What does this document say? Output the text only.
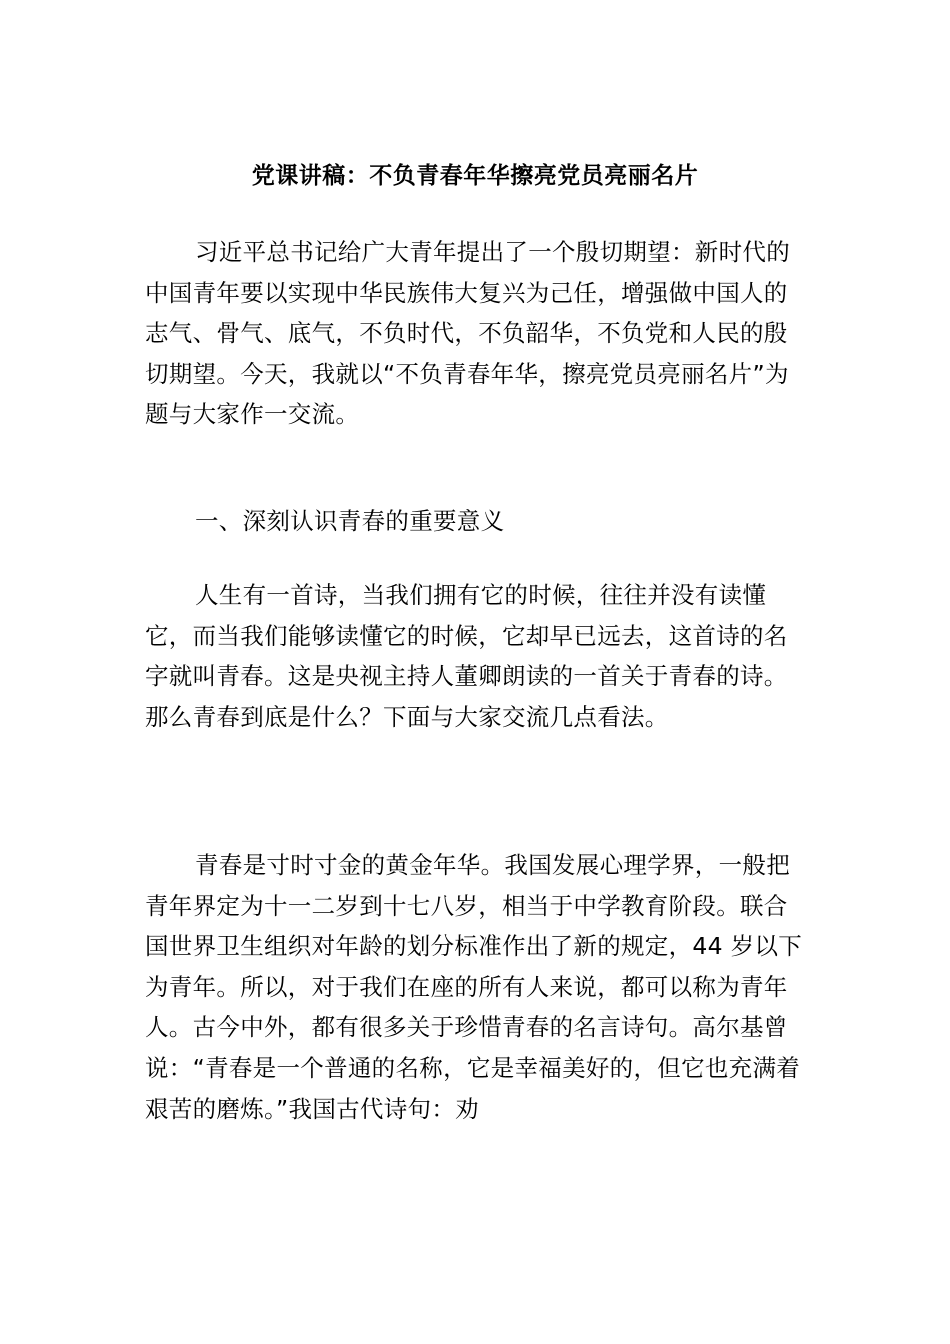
党课讲稿：不负青春年华擦亮党员亮丽名片

习近平总书记给广大青年提出了一个殷切期望：新时代的中国青年要以实现中华民族伟大复兴为己任，增强做中国人的志气、骨气、底气，不负时代，不负韶华，不负党和人民的殷切期望。今天，我就以“不负青春年华，擦亮党员亮丽名片”为题与大家作一交流。

一、深刻认识青春的重要意义

人生有一首诗，当我们拥有它的时候，往往并没有读懂它，而当我们能够读懂它的时候，它却早已远去，这首诗的名字就叫青春。这是央视主持人董卿朗读的一首关于青春的诗。那么青春到底是什么？下面与大家交流几点看法。

青春是寸时寸金的黄金年华。我国发展心理学界，一般把青年界定为十一二岁到十七八岁，相当于中学教育阶段。联合国世界卫生组织对年龄的划分标准作出了新的规定，44 岁以下为青年。所以，对于我们在座的所有人来说，都可以称为青年人。古今中外，都有很多关于珍惜青春的名言诗句。高尔基曾说：“青春是一个普通的名称，它是幸福美好的，但它也充满着艰苦的磨炼。”我国古代诗句：劝
